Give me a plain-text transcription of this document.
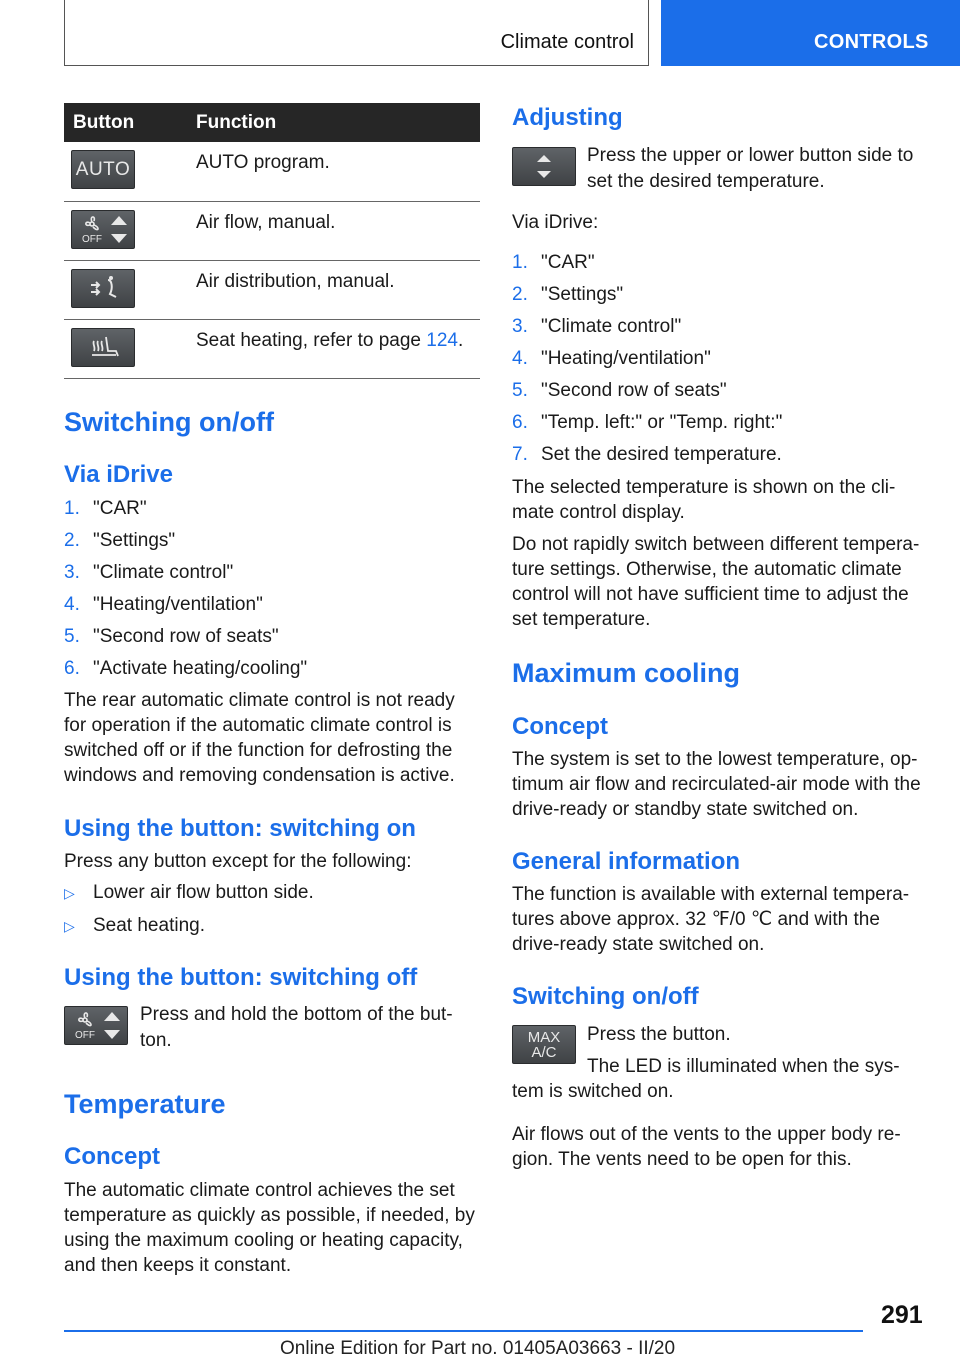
Climate control	CONTROLS
Button	Function

AUTO	AUTO program.

OFF	Air flow, manual.

	Air distribution, manual.

	Seat heating, refer to page 124.
Switching on/off
Via iDrive
1. "CAR"
2. "Settings"
3. "Climate control"
4. "Heating/ventilation"
5. "Second row of seats"
6. "Activate heating/cooling"
The rear automatic climate control is not ready
for operation if the automatic climate control is
switched off or if the function for defrosting the
windows and removing condensation is active.
Using the button: switching on
Press any button except for the following:
▷ Lower air flow button side.
▷ Seat heating.
Using the button: switching off
OFF
Press and hold the bottom of the but-
ton.
Temperature
Concept
The automatic climate control achieves the set
temperature as quickly as possible, if needed, by
using the maximum cooling or heating capacity,
and then keeps it constant.
Adjusting
Press the upper or lower button side to
set the desired temperature.
Via iDrive:
1. "CAR"
2. "Settings"
3. "Climate control"
4. "Heating/ventilation"
5. "Second row of seats"
6. "Temp. left:" or "Temp. right:"
7. Set the desired temperature.
The selected temperature is shown on the cli-
mate control display.
Do not rapidly switch between different tempera-
ture settings. Otherwise, the automatic climate
control will not have sufficient time to adjust the
set temperature.
Maximum cooling
Concept
The system is set to the lowest temperature, op-
timum air flow and recirculated-air mode with the
drive-ready or standby state switched on.
General information
The function is available with external tempera-
tures above approx. 32 ℉/0 ℃ and with the
drive-ready state switched on.
Switching on/off
MAX
A/C
Press the button.
The LED is illuminated when the sys-
tem is switched on.
Air flows out of the vents to the upper body re-
gion. The vents need to be open for this.
291
Online Edition for Part no. 01405A03663 - II/20
